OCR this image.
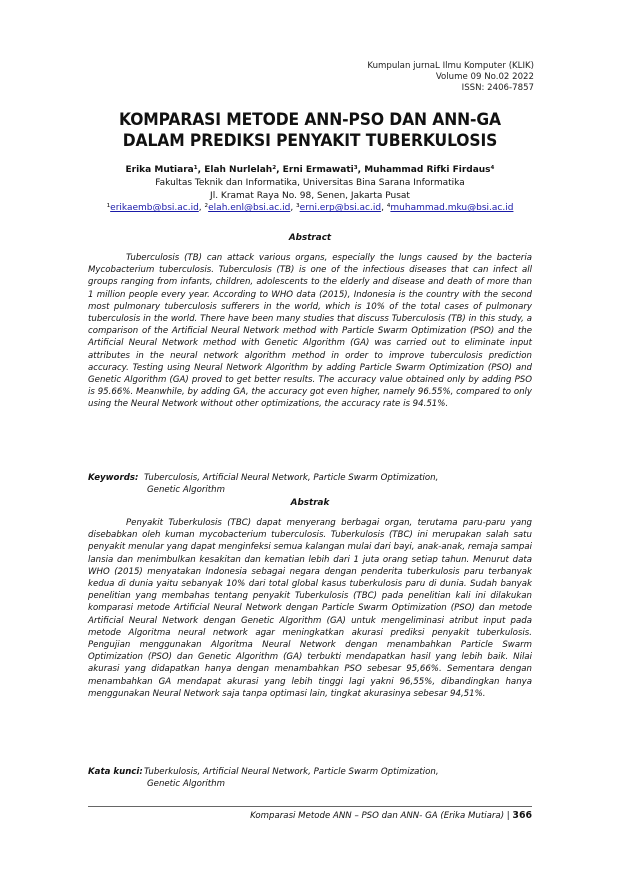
Kumpulan jurnaL Ilmu Komputer (KLIK)
Volume 09 No.02 2022
ISSN: 2406-7857
KOMPARASI METODE ANN-PSO DAN ANN-GA
DALAM PREDIKSI PENYAKIT TUBERKULOSIS
Erika Mutiara¹, Elah Nurlelah², Erni Ermawati³, Muhammad Rifki Firdaus⁴
Fakultas Teknik dan Informatika, Universitas Bina Sarana Informatika
Jl. Kramat Raya No. 98, Senen, Jakarta Pusat
¹erikaemb@bsi.ac.id, ²elah.enl@bsi.ac.id, ³erni.erp@bsi.ac.id, ⁴muhammad.mku@bsi.ac.id
Abstract

Tuberculosis (TB) can attack various organs, especially the lungs caused by the bacteria Mycobacterium tuberculosis. Tuberculosis (TB) is one of the infectious diseases that can infect all groups ranging from infants, children, adolescents to the elderly and disease and death of more than 1 million people every year. According to WHO data (2015), Indonesia is the country with the second most pulmonary tuberculosis sufferers in the world, which is 10% of the total cases of pulmonary tuberculosis in the world. There have been many studies that discuss Tuberculosis (TB) in this study, a comparison of the Artificial Neural Network method with Particle Swarm Optimization (PSO) and the Artificial Neural Network method with Genetic Algorithm (GA) was carried out to eliminate input attributes in the neural network algorithm method in order to improve tuberculosis prediction accuracy. Testing using Neural Network Algorithm by adding Particle Swarm Optimization (PSO) and Genetic Algorithm (GA) proved to get better results. The accuracy value obtained only by adding PSO is 95.66%. Meanwhile, by adding GA, the accuracy got even higher, namely 96.55%, compared to only using the Neural Network without other optimizations, the accuracy rate is 94.51%.

Keywords: Tuberculosis, Artificial Neural Network, Particle Swarm Optimization,
Genetic Algorithm
Abstrak

Penyakit Tuberkulosis (TBC) dapat menyerang berbagai organ, terutama paru-paru yang disebabkan oleh kuman mycobacterium tuberculosis. Tuberkulosis (TBC) ini merupakan salah satu penyakit menular yang dapat menginfeksi semua kalangan mulai dari bayi, anak-anak, remaja sampai lansia dan menimbulkan kesakitan dan kematian lebih dari 1 juta orang setiap tahun. Menurut data WHO (2015) menyatakan Indonesia sebagai negara dengan penderita tuberkulosis paru terbanyak kedua di dunia yaitu sebanyak 10% dari total global kasus tuberkulosis paru di dunia. Sudah banyak penelitian yang membahas tentang penyakit Tuberkulosis (TBC) pada penelitian kali ini dilakukan komparasi metode Artificial Neural Network dengan Particle Swarm Optimization (PSO) dan metode Artificial Neural Network dengan Genetic Algorithm (GA) untuk mengeliminasi atribut input pada metode Algoritma neural network agar meningkatkan akurasi prediksi penyakit tuberkulosis. Pengujian menggunakan Algoritma Neural Network dengan menambahkan Particle Swarm Optimization (PSO) dan Genetic Algorithm (GA) terbukti mendapatkan hasil yang lebih baik. Nilai akurasi yang didapatkan hanya dengan menambahkan PSO sebesar 95,66%. Sementara dengan menambahkan GA mendapat akurasi yang lebih tinggi lagi yakni 96,55%, dibandingkan hanya menggunakan Neural Network saja tanpa optimasi lain, tingkat akurasinya sebesar 94,51%.

Kata kunci:Tuberkulosis, Artificial Neural Network, Particle Swarm Optimization,
Genetic Algorithm
Komparasi Metode ANN – PSO dan ANN- GA (Erika Mutiara) | 366
